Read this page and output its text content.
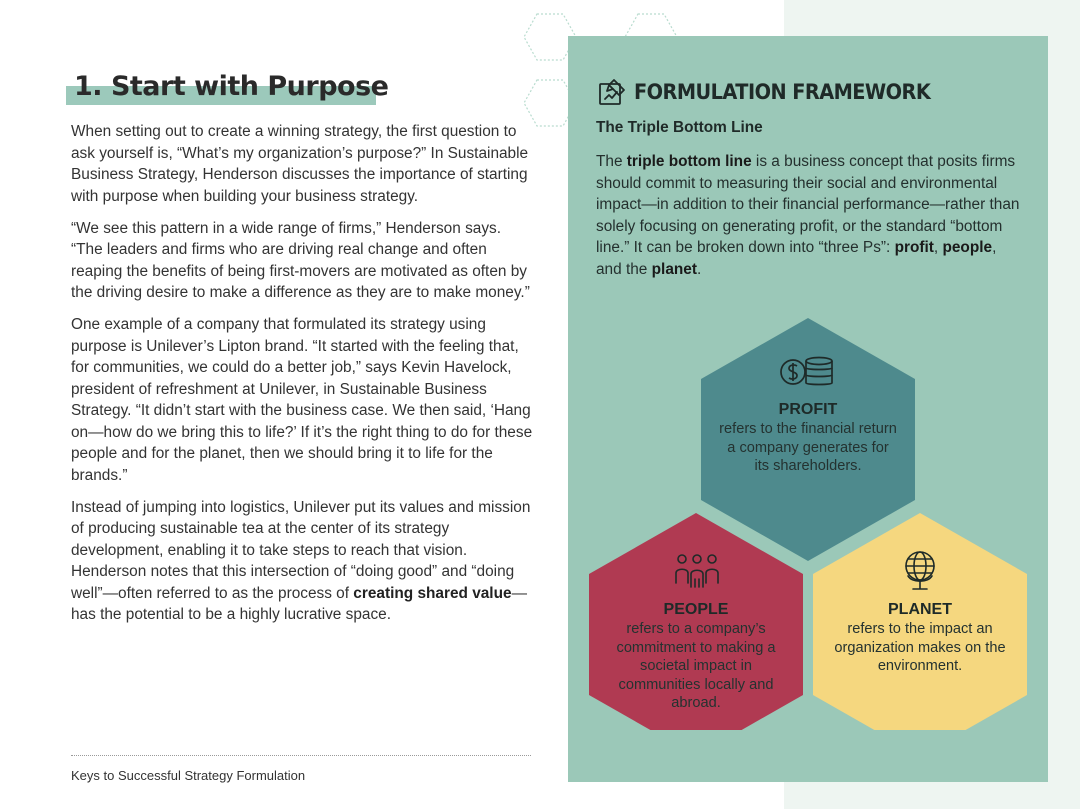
1. Start with Purpose

When setting out to create a winning strategy, the first question to ask yourself is, “What’s my organization’s purpose?” In Sustainable Business Strategy, Henderson discusses the importance of starting with purpose when building your business strategy.

“We see this pattern in a wide range of firms,” Henderson says. “The leaders and firms who are driving real change and often reaping the benefits of being first-movers are motivated as often by the driving desire to make a difference as they are to make money.”

One example of a company that formulated its strategy using purpose is Unilever’s Lipton brand. “It started with the feeling that, for communities, we could do a better job,” says Kevin Havelock, president of refreshment at Unilever, in Sustainable Business Strategy. “It didn’t start with the business case. We then said, ‘Hang on—how do we bring this to life?’ If it’s the right thing to do for these people and for the planet, then we should bring it to life for the brands.”

Instead of jumping into logistics, Unilever put its values and mission of producing sustainable tea at the center of its strategy development, enabling it to take steps to reach that vision. Henderson notes that this intersection of “doing good” and “doing well”—often referred to as the process of creating shared value—has the potential to be a highly lucrative space.

Keys to Successful Strategy Formulation
FORMULATION FRAMEWORK
The Triple Bottom Line
The triple bottom line is a business concept that posits firms should commit to measuring their social and environmental impact—in addition to their financial performance—rather than solely focusing on generating profit, or the standard “bottom line.” It can be broken down into “three Ps”: profit, people, and the planet.
PROFIT
refers to the financial return a company generates for its shareholders.
PEOPLE
refers to a company’s commitment to making a societal impact in communities locally and abroad.
PLANET
refers to the impact an organization makes on the environment.
